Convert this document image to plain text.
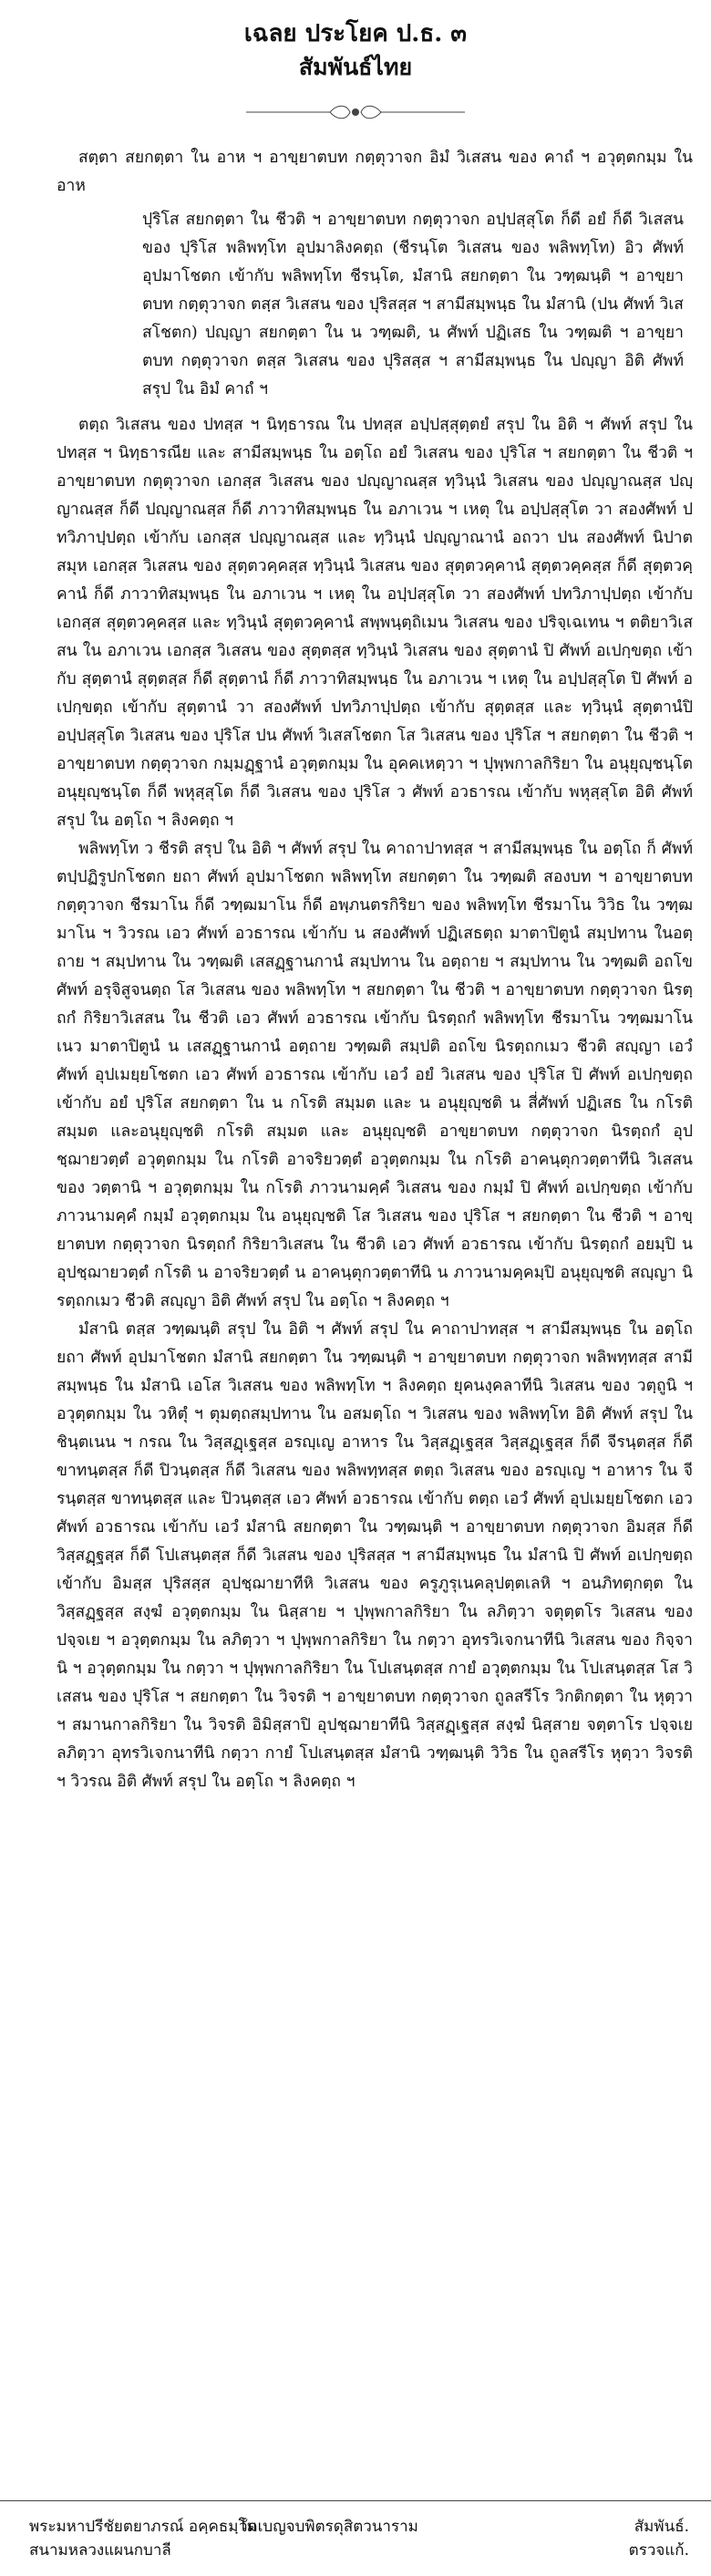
เฉลย ประโยค ป.ธ. ๓
สัมพันธ์ไทย

สตฺตา สยกตฺตา ใน อาห ฯ อาขฺยาตบท กตฺตุวาจก อิมํ วิเสสน ของ คาถํ ฯ อวุตฺตกมฺม ใน อาห

ปุริโส สยกตฺตา ใน ชีวติ ฯ อาขฺยาตบท กตฺตุวาจก อปฺปสฺสุโต ก็ดี อยํ ก็ดี วิเสสน ของ ปุริโส พลิพทฺโท อุปมาลิงคตฺถ (ชีรนฺโต วิเสสน ของ พลิพทฺโท) อิว ศัพท์ อุปมาโชตก เข้ากับ พลิพทฺโท ชีรนฺโต, มํสานิ สยกตฺตา ใน วฑฺฒนฺติ ฯ อาขฺยาตบท กตฺตุวาจก ตสฺส วิเสสน ของ ปุริสสฺส ฯ สามีสมฺพนฺธ ใน มํสานิ (ปน ศัพท์ วิเสสโชตก) ปญฺญา สยกตฺตา ใน น วฑฺฒติ, น ศัพท์ ปฏิเสธ ใน วฑฺฒติ ฯ อาขฺยาตบท กตฺตุวาจก ตสฺส วิเสสน ของ ปุริสสฺส ฯ สามีสมฺพนฺธ ใน ปญฺญา อิติ ศัพท์ สรุป ใน อิมํ คาถํ ฯ

ตตฺถ วิเสสน ของ ปทสฺส ฯ นิทฺธารณ ใน ปทสฺส อปฺปสฺสุตฺตยํ สรุป ใน อิติ ฯ ศัพท์ สรุป ใน ปทสฺส ฯ นิทฺธารณีย และ สามีสมฺพนฺธ ใน อตฺโถ อยํ วิเสสน ของ ปุริโส ฯ สยกตฺตา ใน ชีวติ ฯ อาขฺยาตบท กตฺตุวาจก เอกสฺส วิเสสน ของ ปญฺญาณสฺส ทฺวินฺนํ วิเสสน ของ ปญฺญาณสฺส ปญฺญาณสฺส ก็ดี ปญฺญาณสฺส ก็ดี ภาวาทิสมฺพนฺธ ใน อภาเวน ฯ เหตุ ใน อปฺปสฺสุโต วา สองศัพท์ ปทวิภาปฺปตฺถ เข้ากับ เอกสฺส ปญฺญาณสฺส และ ทฺวินฺนํ ปญฺญาณานํ อถวา ปน สองศัพท์ นิปาตสมุห เอกสฺส วิเสสน ของ สุตฺตวคฺคสฺส ทฺวินฺนํ วิเสสน ของ สุตฺตวคฺคานํ สุตฺตวคฺคสฺส ก็ดี สุตฺตวคฺคานํ ก็ดี ภาวาทิสมฺพนฺธ ใน อภาเวน ฯ เหตุ ใน อปฺปสฺสุโต วา สองศัพท์ ปทวิภาปฺปตฺถ เข้ากับ เอกสฺส สุตฺตวคฺคสฺส และ ทฺวินฺนํ สุตฺตวคฺคานํ สพฺพนฺตฺถิเมน วิเสสน ของ ปริจฺเฉเทน ฯ ตติยาวิเสสน ใน อภาเวน เอกสฺส วิเสสน ของ สุตฺตสฺส ทฺวินฺนํ วิเสสน ของ สุตฺตานํ ปิ ศัพท์ อเปกฺขตฺถ เข้ากับ สุตฺตานํ สุตฺตสฺส ก็ดี สุตฺตานํ ก็ดี ภาวาทิสมฺพนฺธ ใน อภาเวน ฯ เหตุ ใน อปฺปสฺสุโต ปิ ศัพท์ อเปกฺขตฺถ เข้ากับ สุตฺตานํ วา สองศัพท์ ปทวิภาปฺปตฺถ เข้ากับ สุตฺตสฺส และ ทฺวินฺนํ สุตฺตานํปิ อปฺปสฺสุโต วิเสสน ของ ปุริโส ปน ศัพท์ วิเสสโชตก โส วิเสสน ของ ปุริโส ฯ สยกตฺตา ใน ชีวติ ฯ อาขฺยาตบท กตฺตุวาจก กมฺมฏฺฐานํ อวุตฺตกมฺม ใน อุคคเหตฺวา ฯ ปุพฺพกาลกิริยา ใน อนุยุญฺชนฺโต อนุยุญฺชนฺโต ก็ดี พหุสฺสุโต ก็ดี วิเสสน ของ ปุริโส ว ศัพท์ อวธารณ เข้ากับ พหุสฺสุโต อิติ ศัพท์ สรุป ใน อตฺโถ ฯ ลิงคตฺถ ฯ

พลิพทฺโท ว ชีรติ สรุป ใน อิติ ฯ ศัพท์ สรุป ใน คาถาปาทสฺส ฯ สามีสมฺพนฺธ ใน อตฺโถ ก็ ศัพท์ ตปฺปฏิรูปกโชตก ยถา ศัพท์ อุปมาโชตก พลิพทฺโท สยกตฺตา ใน วฑฺฒติ สองบท ฯ อาขฺยาตบท กตฺตุวาจก ชีรมาโน ก็ดี วฑฺฒมาโน ก็ดี อพฺภนตรกิริยา ของ พลิพทฺโท ชีรมาโน วิวิธ ใน วฑฺฒมาโน ฯ วิวรณ เอว ศัพท์ อวธารณ เข้ากับ น สองศัพท์ ปฏิเสธตฺถ มาตาปิตูนํ สมฺปทาน ในอตฺถาย ฯ สมฺปทาน ใน วฑฺฒติ เสสฏฺฐานกานํ สมฺปทาน ใน อตฺถาย ฯ สมฺปทาน ใน วฑฺฒติ อถโข ศัพท์ อรุจิสูจนตฺถ โส วิเสสน ของ พลิพทฺโท ฯ สยกตฺตา ใน ชีวติ ฯ อาขฺยาตบท กตฺตุวาจก นิรตฺถกํ กิริยาวิเสสน ใน ชีวติ เอว ศัพท์ อวธารณ เข้ากับ นิรตฺถกํ พลิพทฺโท ชีรมาโน วฑฺฒมาโน เนว มาตาปิตูนํ น เสสฏฺฐานกานํ อตฺถาย วฑฺฒติ สมฺปติ อถโข นิรตฺถกเมว ชีวติ สญฺญา เอวํ ศัพท์ อุปเมยฺยโชตก เอว ศัพท์ อวธารณ เข้ากับ เอวํ อยํ วิเสสน ของ ปุริโส ปิ ศัพท์ อเปกฺขตฺถ เข้ากับ อยํ ปุริโส สยกตฺตา ใน น กโรติ สมฺมต และ น อนุยุญฺชติ น สี่ศัพท์ ปฏิเสธ ใน กโรติ สมฺมต และอนุยุญฺชติ กโรติ สมฺมต และ อนุยุญฺชติ อาขฺยาตบท กตฺตุวาจก นิรตฺถกํ อุปชฺฌายวตฺตํ อวุตฺตกมฺม ใน กโรติ อาจริยวตฺตํ อวุตฺตกมฺม ใน กโรติ อาคนฺตุกวตฺตาทีนิ วิเสสน ของ วตฺตานิ ฯ อวุตฺตกมฺม ใน กโรติ ภาวนามคฺคํ วิเสสน ของ กมฺมํ ปิ ศัพท์ อเปกฺขตฺถ เข้ากับ ภาวนามคฺคํ กมฺมํ อวุตฺตกมฺม ใน อนุยุญฺชติ โส วิเสสน ของ ปุริโส ฯ สยกตฺตา ใน ชีวติ ฯ อาขฺยาตบท กตฺตุวาจก นิรตฺถกํ กิริยาวิเสสน ใน ชีวติ เอว ศัพท์ อวธารณ เข้ากับ นิรตฺถกํ อยมฺปิ น อุปชฺฌายวตฺตํ กโรติ น อาจริยวตฺตํ น อาคนฺตุกวตฺตาทีนิ น ภาวนามคฺคมฺปิ อนุยุญฺชติ สญฺญา นิรตฺถกเมว ชีวติ สญฺญา อิติ ศัพท์ สรุป ใน อตฺโถ ฯ ลิงคตฺถ ฯ

มํสานิ ตสฺส วฑฺฒนฺติ สรุป ใน อิติ ฯ ศัพท์ สรุป ใน คาถาปาทสฺส ฯ สามีสมฺพนฺธ ใน อตฺโถ ยถา ศัพท์ อุปมาโชตก มํสานิ สยกตฺตา ใน วฑฺฒนฺติ ฯ อาขฺยาตบท กตฺตุวาจก พลิพทฺทสฺส สามีสมฺพนฺธ ใน มํสานิ เอโส วิเสสน ของ พลิพทฺโท ฯ ลิงคตฺถ ยุคนงฺคลาทีนิ วิเสสน ของ วตฺถูนิ ฯ อวุตฺตกมฺม ใน วหิตุํ ฯ ตุมตฺถสมฺปทาน ใน อสมตฺโถ ฯ วิเสสน ของ พลิพทฺโท อิติ ศัพท์ สรุป ใน ชินฺตเนน ฯ กรณ ใน วิสฺสฏฺเฐสฺส อรญฺเญ อาหาร ใน วิสฺสฏฺเฐสฺส วิสฺสฏฺเฐสฺส ก็ดี จีรนฺตสฺส ก็ดี ขาทนฺตสฺส ก็ดี ปิวนฺตสฺส ก็ดี วิเสสน ของ พลิพทฺทสฺส ตตฺถ วิเสสน ของ อรญฺเญ ฯ อาหาร ใน จีรนฺตสฺส ขาทนฺตสฺส และ ปิวนฺตสฺส เอว ศัพท์ อวธารณ เข้ากับ ตตฺถ เอวํ ศัพท์ อุปเมยฺยโชตก เอว ศัพท์ อวธารณ เข้ากับ เอวํ มํสานิ สยกตฺตา ใน วฑฺฒนฺติ ฯ อาขฺยาตบท กตฺตุวาจก อิมสฺส ก็ดี วิสฺสฏฺฐสฺส ก็ดี โปเสนฺตสฺส ก็ดี วิเสสน ของ ปุริสสฺส ฯ สามีสมฺพนฺธ ใน มํสานิ ปิ ศัพท์ อเปกฺขตฺถ เข้ากับ อิมสฺส ปุริสสฺส อุปชฺฌายาทีหิ วิเสสน ของ ครูภูรุเนคลุปตฺตเลหิ ฯ อนภิทตฺกตฺต ใน วิสฺสฏฺฐสฺส สงฺฆํ อวุตฺตกมฺม ใน นิสฺสาย ฯ ปุพฺพกาลกิริยา ใน ลภิตฺวา จตุตฺตโร วิเสสน ของ ปจฺจเย ฯ อวุตฺตกมฺม ใน ลภิตฺวา ฯ ปุพฺพกาลกิริยา ใน กตฺวา อุทรวิเจกนาทีนิ วิเสสน ของ กิจฺจานิ ฯ อวุตฺตกมฺม ใน กตฺวา ฯ ปุพฺพกาลกิริยา ใน โปเสนฺตสฺส กายํ อวุตฺตกมฺม ใน โปเสนฺตสฺส โส วิเสสน ของ ปุริโส ฯ สยกตฺตา ใน วิจรติ ฯ อาขฺยาตบท กตฺตุวาจก ถูลสรีโร วิกติกตฺตา ใน หุตฺวา ฯ สมานกาลกิริยา ใน วิจรติ อิมิสฺสาปิ อุปชฺฌายาทีนิ วิสฺสฏฺเฐสฺส สงฺฆํ นิสฺสาย จตฺตาโร ปจฺจเย ลภิตฺวา อุทรวิเจกนาทีนิ กตฺวา กายํ โปเสนฺตสฺส มํสานิ วฑฺฒนฺติ วิวิธ ใน ถูลสรีโร หุตฺวา วิจรติ ฯ วิวรณ อิติ ศัพท์ สรุป ใน อตฺโถ ฯ ลิงคตฺถ ฯ

พระมหาปรีชัยตยาภรณ์ อคฺคธมฺโม	สัมพันธ์.
วัดเบญจบพิตรดุสิตวนาราม
สนามหลวงแผนกบาลี	ตรวจแก้.
